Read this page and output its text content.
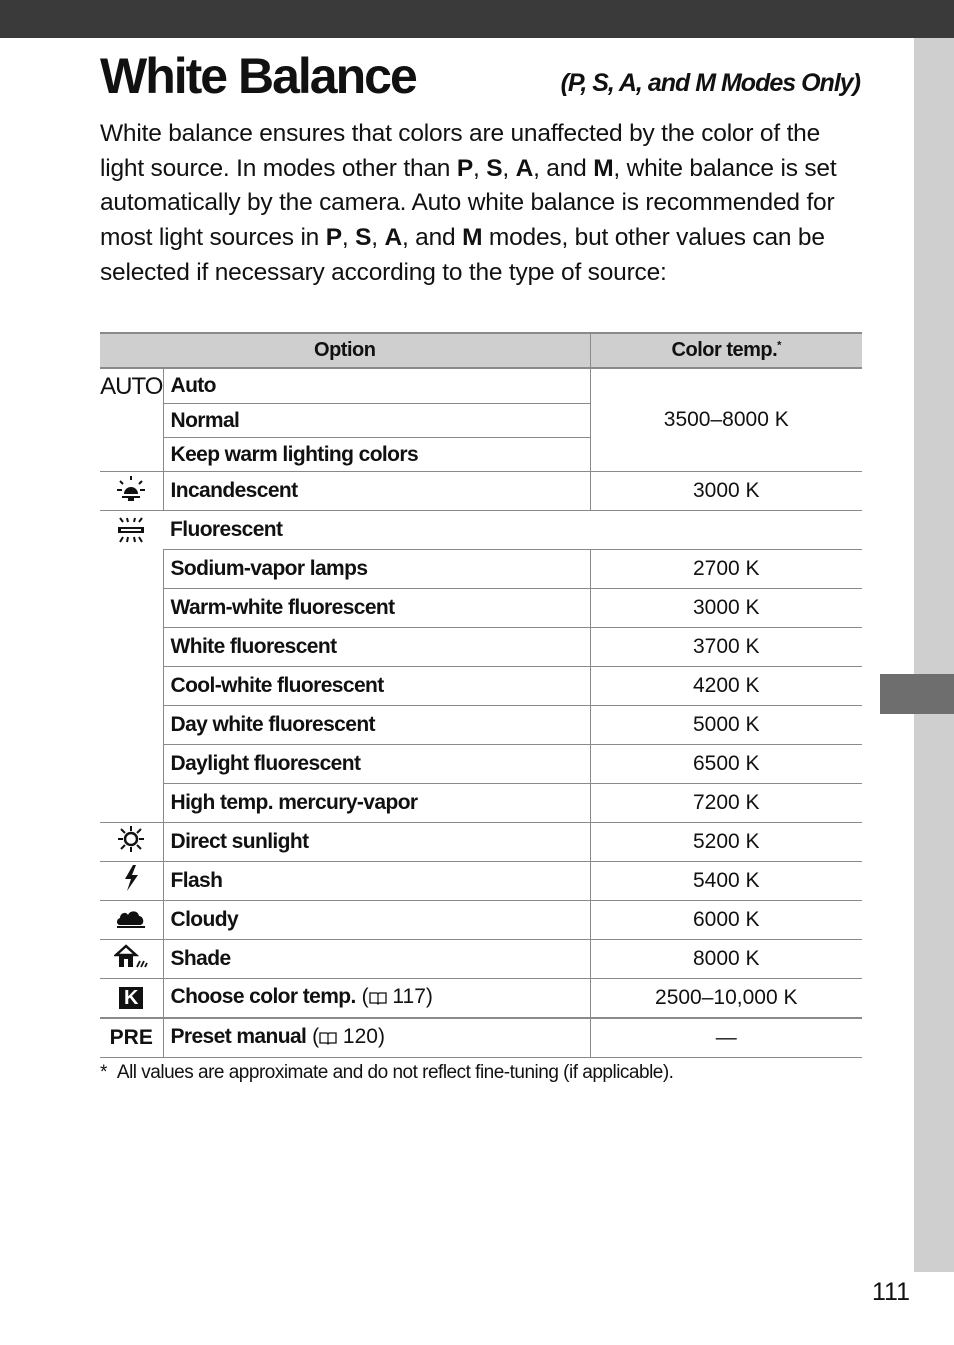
White Balance	(P, S, A, and M Modes Only)

White balance ensures that colors are unaffected by the color of the light source. In modes other than P, S, A, and M, white balance is set automatically by the camera. Auto white balance is recommended for most light sources in P, S, A, and M modes, but other values can be selected if necessary according to the type of source:

Option		Color temp.*
AUTO	Auto	3500–8000 K
	Normal	
	Keep warm lighting colors	
	Incandescent	3000 K
	Fluorescent	
	Sodium-vapor lamps	2700 K
	Warm-white fluorescent	3000 K
	White fluorescent	3700 K
	Cool-white fluorescent	4200 K
	Day white fluorescent	5000 K
	Daylight fluorescent	6500 K
	High temp. mercury-vapor	7200 K
	Direct sunlight	5200 K
	Flash	5400 K
	Cloudy	6000 K
	Shade	8000 K
K	Choose color temp. ( 117)	2500–10,000 K
PRE	Preset manual ( 120)	—

* All values are approximate and do not reflect fine-tuning (if applicable).

111
